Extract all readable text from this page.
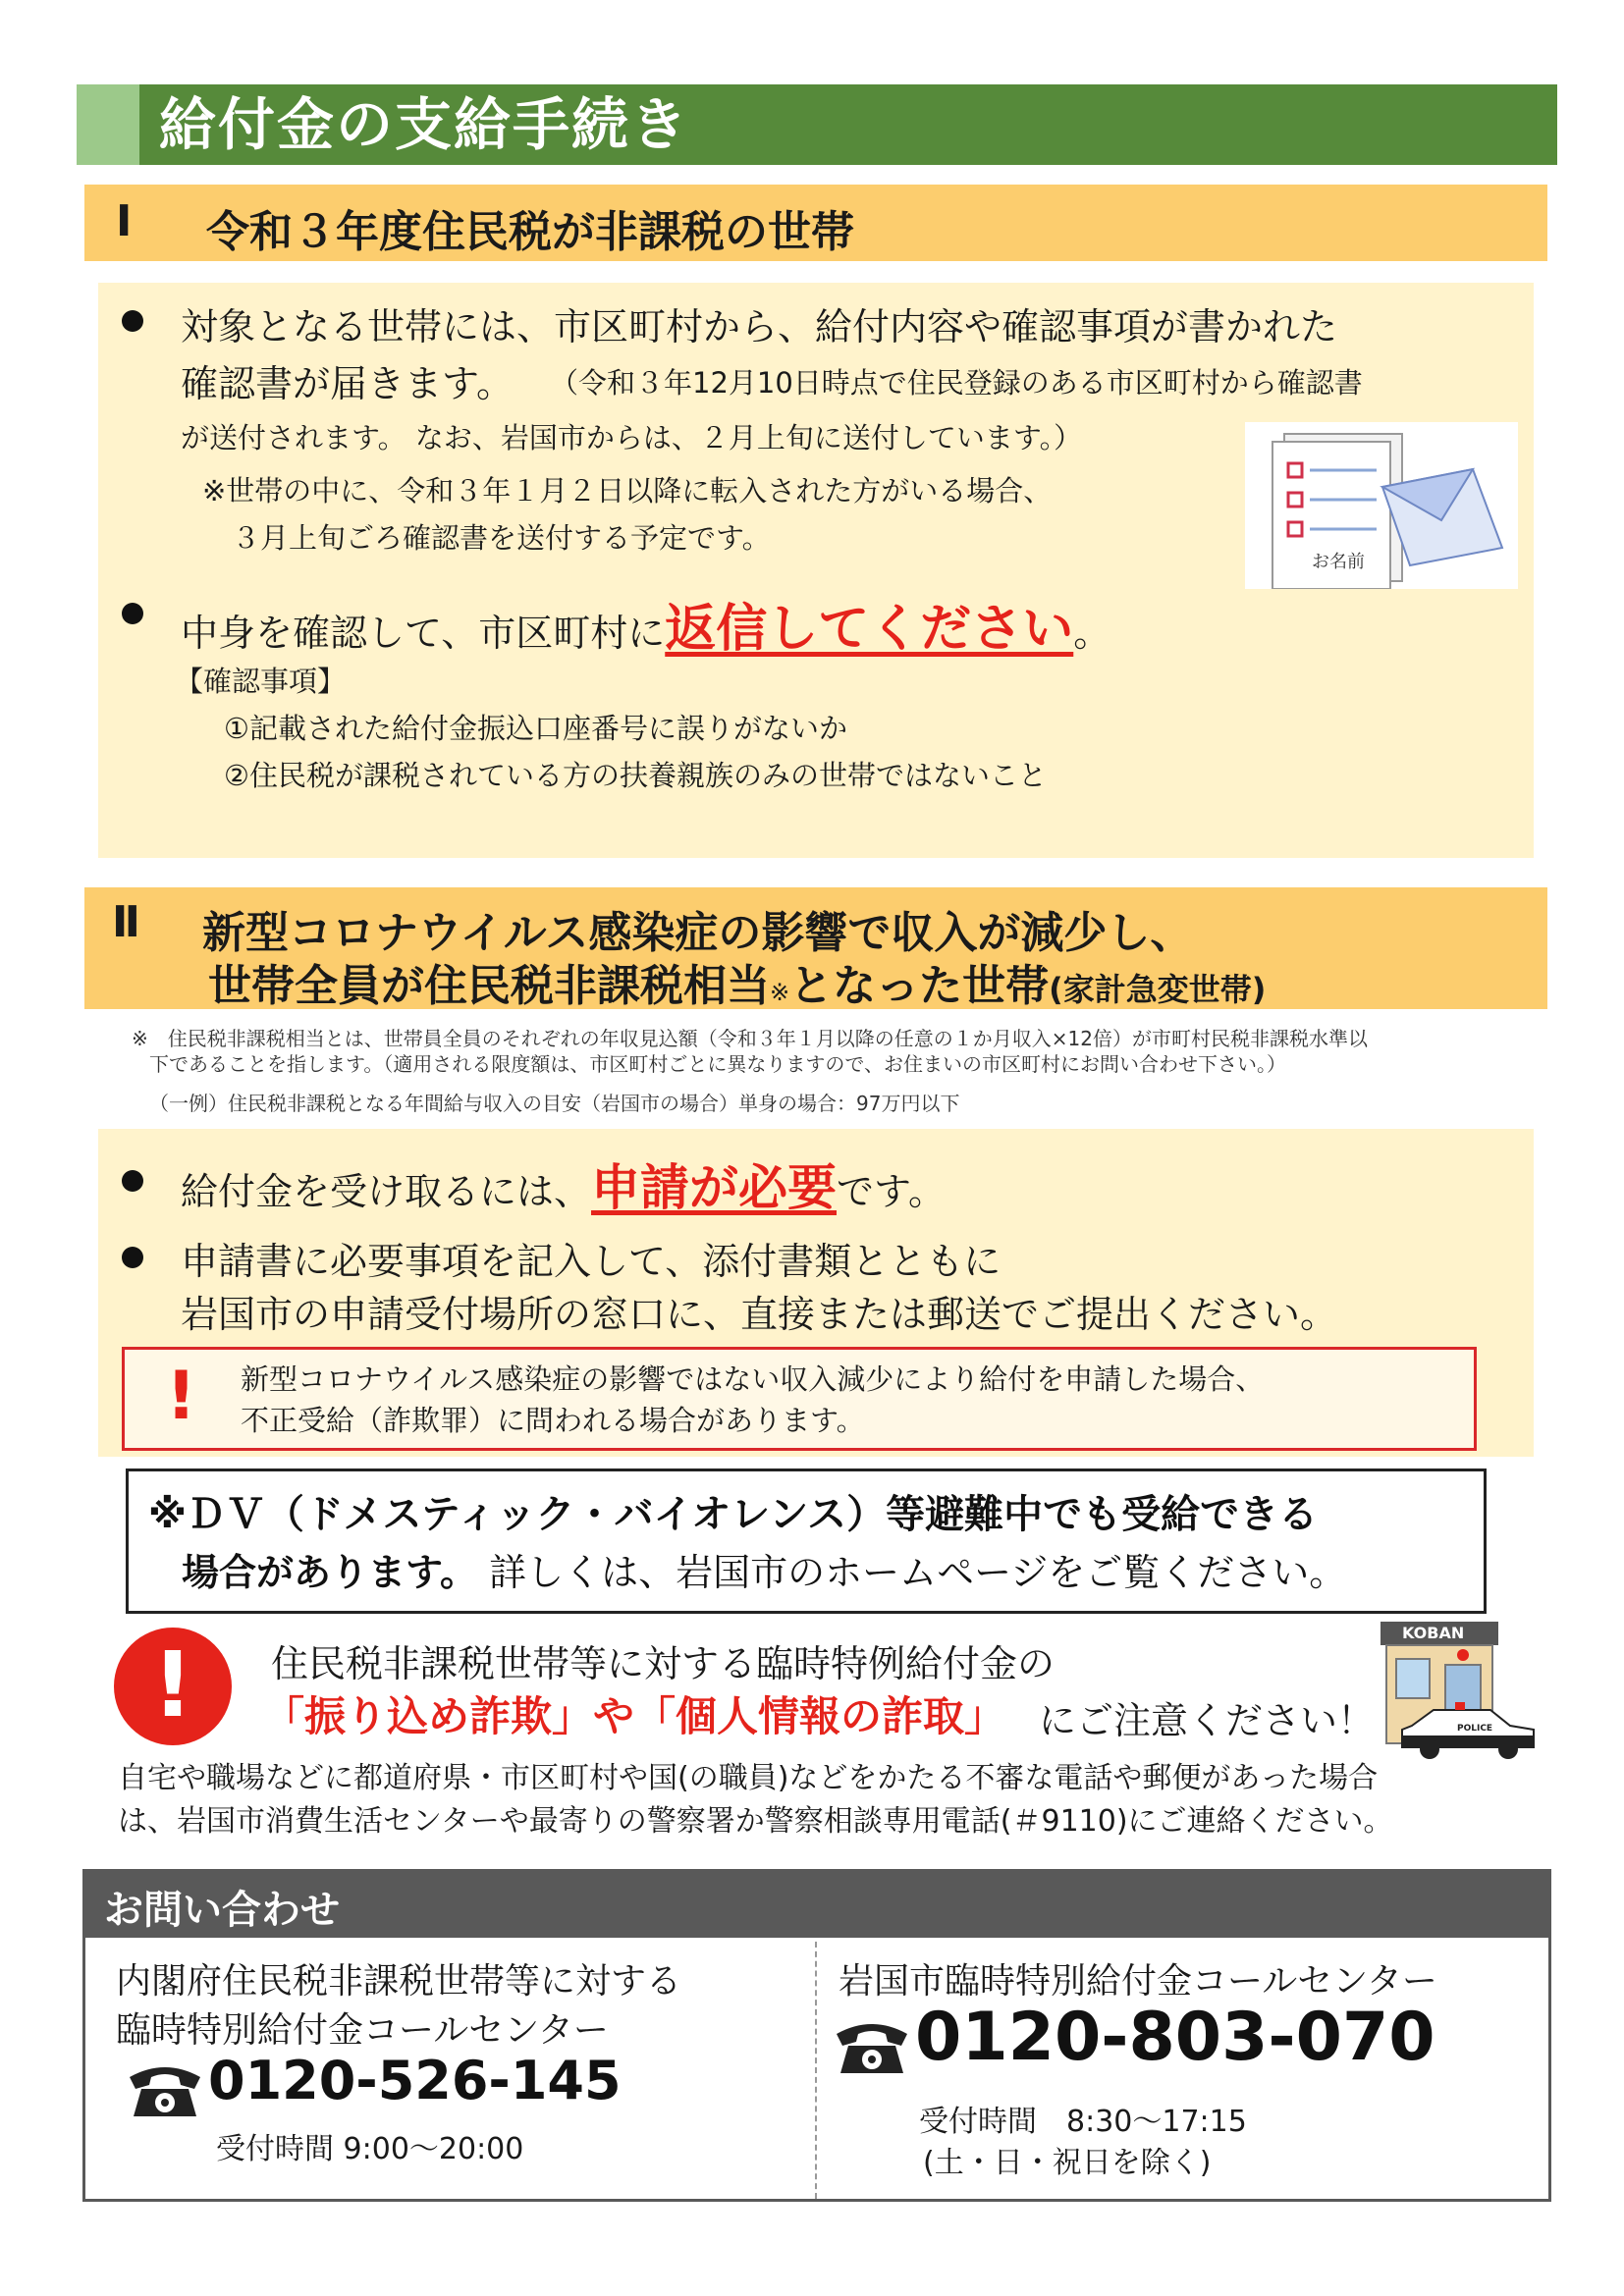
給付金の支給手続き
Ⅰ 令和３年度住民税が非課税の世帯
対象となる世帯には、市区町村から、給付内容や確認事項が書かれた
確認書が届きます。 （令和３年12月10日時点で住民登録のある市区町村から確認書
が送付されます。 なお、岩国市からは、２月上旬に送付しています。）
※世帯の中に、令和３年１月２日以降に転入された方がいる場合、
３月上旬ごろ確認書を送付する予定です。
お名前
中身を確認して、市区町村に返信してください。
【確認事項】
①記載された給付金振込口座番号に誤りがないか
②住民税が課税されている方の扶養親族のみの世帯ではないこと
Ⅱ 新型コロナウイルス感染症の影響で収入が減少し、
世帯全員が住民税非課税相当※となった世帯(家計急変世帯)
※　住民税非課税相当とは、世帯員全員のそれぞれの年収見込額（令和３年１月以降の任意の１か月収入×12倍）が市町村民税非課税水準以
下であることを指します。（適用される限度額は、市区町村ごとに異なりますので、お住まいの市区町村にお問い合わせ下さい。）
（一例）住民税非課税となる年間給与収入の目安（岩国市の場合）単身の場合：97万円以下
給付金を受け取るには、申請が必要です。
申請書に必要事項を記入して、添付書類とともに
岩国市の申請受付場所の窓口に、直接または郵送でご提出ください。
! 新型コロナウイルス感染症の影響ではない収入減少により給付を申請した場合、
不正受給（詐欺罪）に問われる場合があります。
※ＤＶ（ドメスティック・バイオレンス）等避難中でも受給できる
場合があります。 詳しくは、岩国市のホームページをご覧ください。
!	住民税非課税世帯等に対する臨時特例給付金の
「振り込め詐欺」や「個人情報の詐取」 にご注意ください！
KOBAN
POLICE
自宅や職場などに都道府県・市区町村や国(の職員)などをかたる不審な電話や郵便があった場合
は、岩国市消費生活センターや最寄りの警察署か警察相談専用電話(＃9110)にご連絡ください。
お問い合わせ
内閣府住民税非課税世帯等に対する
臨時特別給付金コールセンター
0120-526-145
受付時間 9:00～20:00
岩国市臨時特別給付金コールセンター
0120-803-070
受付時間　8:30～17:15
(土・日・祝日を除く)
